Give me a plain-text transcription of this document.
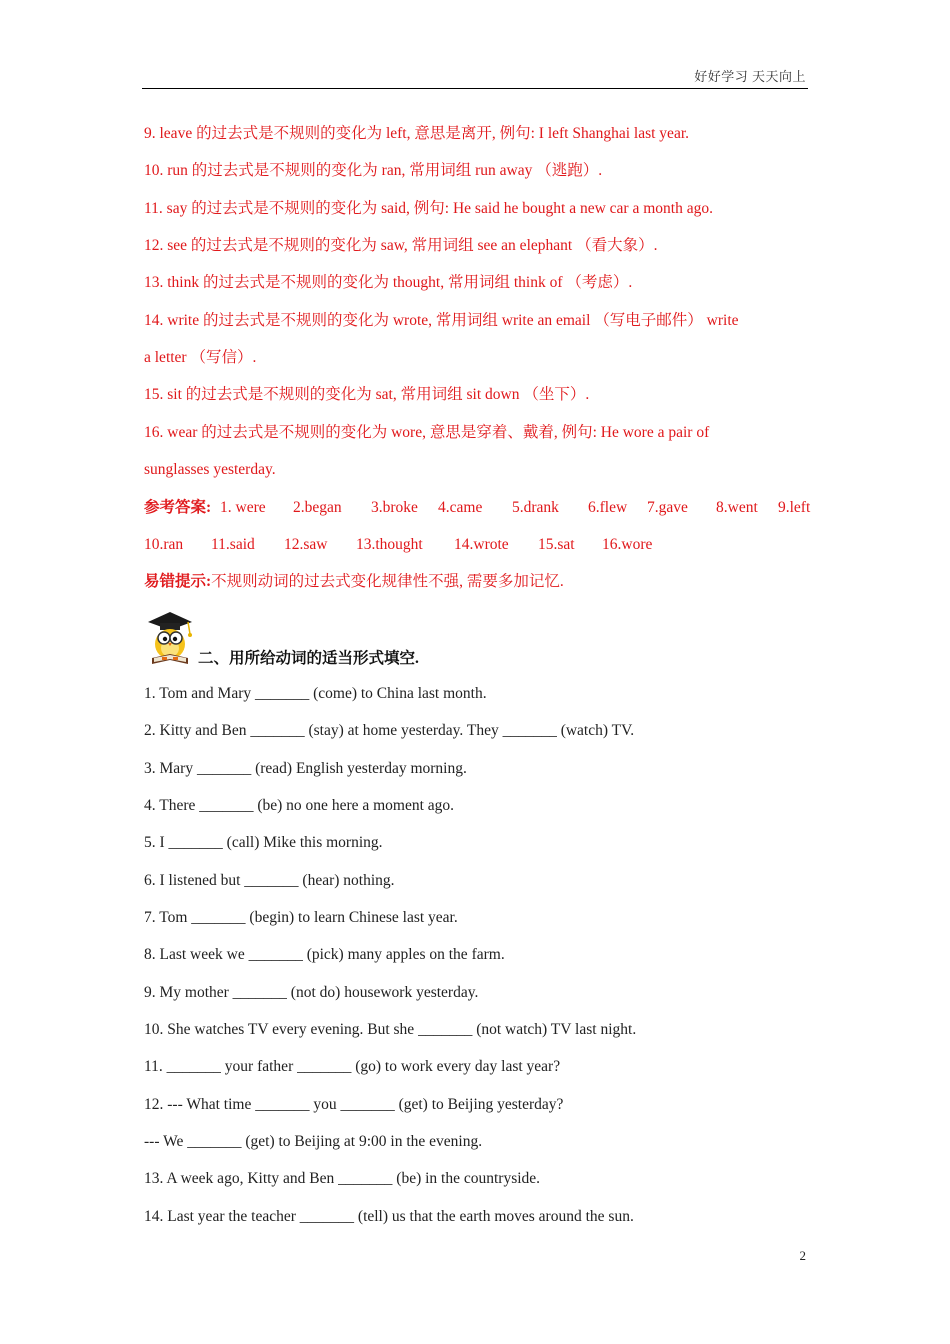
好好学习 天天向上
9. leave 的过去式是不规则的变化为 left, 意思是离开, 例句: I left Shanghai last year.
10. run 的过去式是不规则的变化为 ran, 常用词组 run away （逃跑）.
11. say 的过去式是不规则的变化为 said, 例句: He said he bought a new car a month ago.
12. see 的过去式是不规则的变化为 saw, 常用词组 see an elephant （看大象）.
13. think 的过去式是不规则的变化为 thought, 常用词组 think of （考虑）.
14. write 的过去式是不规则的变化为 wrote, 常用词组 write an email （写电子邮件） write
a letter （写信）.
15. sit 的过去式是不规则的变化为 sat, 常用词组 sit down （坐下）.
16. wear 的过去式是不规则的变化为 wore, 意思是穿着、戴着, 例句: He wore a pair of
sunglasses yesterday.
参考答案: 1. were 2.began 3.broke 4.came 5.drank 6.flew 7.gave 8.went 9.left
10.ran 11.said 12.saw 13.thought 14.wrote 15.sat 16.wore
易错提示:不规则动词的过去式变化规律性不强, 需要多加记忆.
1. Tom and Mary _______ (come) to China last month.
2. Kitty and Ben _______ (stay) at home yesterday. They _______ (watch) TV.
3. Mary _______ (read) English yesterday morning.
4. There _______ (be) no one here a moment ago.
5. I _______ (call) Mike this morning.
6. I listened but _______ (hear) nothing.
7. Tom _______ (begin) to learn Chinese last year.
8. Last week we _______ (pick) many apples on the farm.
9. My mother _______ (not do) housework yesterday.
10. She watches TV every evening. But she _______ (not watch) TV last night.
11. _______ your father _______ (go) to work every day last year?
12. --- What time _______ you _______ (get) to Beijing yesterday?
--- We _______ (get) to Beijing at 9:00 in the evening.
13. A week ago, Kitty and Ben _______ (be) in the countryside.
14. Last year the teacher _______ (tell) us that the earth moves around the sun.
二、用所给动词的适当形式填空.
2
